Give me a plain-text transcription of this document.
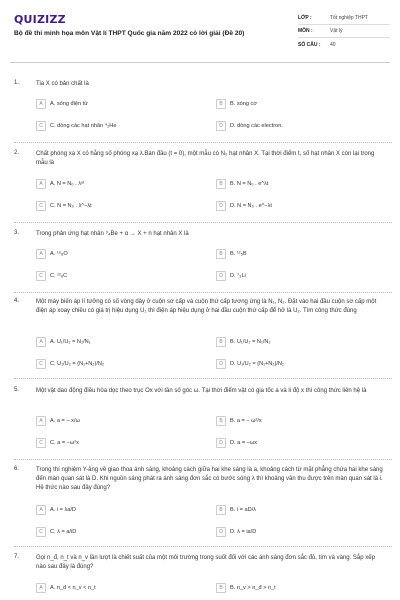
QUIZIZZ
Bộ đề thi minh họa môn Vật lí THPT Quốc gia năm 2022 có lời giải (Đề 20)
LỚP :	Tốt nghiệp THPT
MÔN :	Vật lý
SỐ CÂU :	40
1.	Tia X có bản chất là
A	A. sóng điện từ	B	B. sóng cơ
C	C. dòng các hạt nhân ⁴₂He	D	D. dòng các electron.
2.	Chất phóng xạ X có hằng số phóng xạ λ.Ban đầu (t = 0), một mẫu có N₀ hạt nhân X. Tại thời điểm t, số hạt nhân X còn lại trong mẫu là
A	A. N = N₀ . λᵉᵗ	B	B. N = N₀ . e^λt
C	C. N = N₀ . λ^−λt	D	D. N = N₀ . e^−λt
3.	Trong phản ứng hạt nhân ⁹₄Be + α → X + n hạt nhân X là
A	A. ¹⁶₈O	B	B. ¹²₅B
C	C. ¹²₆C	D	D. ⁷₃Li
4.	Một máy biến áp lí tưởng có số vòng dây ở cuộn sơ cấp và cuộn thứ cấp tương ứng là N₁, N₂. Đặt vào hai đầu cuộn sơ cấp một điện áp xoay chiều có giá trị hiệu dụng U₁ thì điện áp hiệu dụng ở hai đầu cuộn thứ cấp để hở là U₂. Tìm công thức đúng
A	A. U₁/U₂ = N₂/N₁	B	B. U₁/U₂ = N₁/N₂
C	C. U₁/U₂ = (N₁+N₂)/N₂	D	D. U₁/U₂ = (N₁+N₂)/N₁
5.	Một vật dao động điều hòa dọc theo trục Ox với tần số góc ω. Tại thời điểm vật có gia tốc a và li độ x thì công thức liên hệ là
A	A. a = − x/ω	B	B. a = − ω²/x
C	C. a = −ω²x	D	D. a = −ωx
6.	Trong thí nghiệm Y-âng về giao thoa ánh sáng, khoảng cách giữa hai khe sáng là a, khoảng cách từ mặt phẳng chứa hai khe sáng đến màn quan sát là D. Khi nguồn sáng phát ra ánh sáng đơn sắc có bước sóng λ thì khoảng vân thu được trên màn quan sát là i. Hệ thức nào sau đây đúng?
A	A. i = λa/D	B	B. i = aD/λ
C	C. λ = a/iD	D	D. λ = ia/D
7.	Gọi n_đ, n_t và n_v lần lượt là chiết suất của một môi trường trong suốt đối với các ánh sáng đơn sắc đỏ, tím và vàng. Sắp xếp nào sau đây là đúng?
A	A. n_đ < n_v < n_t	B	B. n_v > n_đ > n_t
